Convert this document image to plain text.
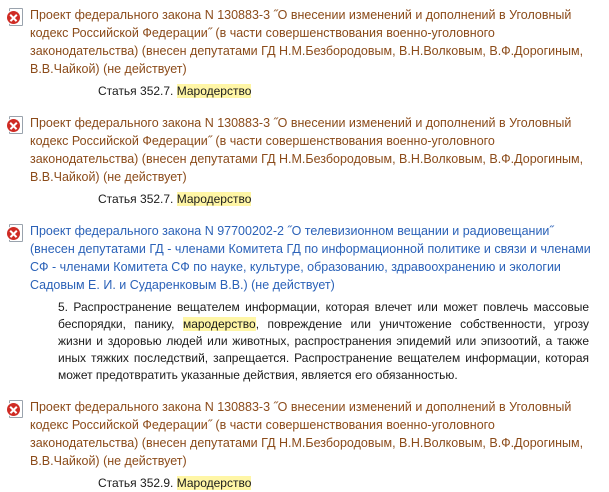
Проект федерального закона N 130883-3 ˝О внесении изменений и дополнений в Уголовный кодекс Российской Федерации˝ (в части совершенствования военно-уголовного законодательства) (внесен депутатами ГД Н.М.Безбородовым, В.Н.Волковым, В.Ф.Дорогиным, В.В.Чайкой) (не действует)
Статья 352.7. Мародерство
Проект федерального закона N 130883-3 ˝О внесении изменений и дополнений в Уголовный кодекс Российской Федерации˝ (в части совершенствования военно-уголовного законодательства) (внесен депутатами ГД Н.М.Безбородовым, В.Н.Волковым, В.Ф.Дорогиным, В.В.Чайкой) (не действует)
Статья 352.7. Мародерство
Проект федерального закона N 97700202-2 ˝О телевизионном вещании и радиовещании˝ (внесен депутатами ГД - членами Комитета ГД по информационной политике и связи и членами СФ - членами Комитета СФ по науке, культуре, образованию, здравоохранению и экологии Садовым Е. И. и Сударенковым В.В.) (не действует)
5. Распространение вещателем информации, которая влечет или может повлечь массовые беспорядки, панику, мародерство, повреждение или уничтожение собственности, угрозу жизни и здоровью людей или животных, распространения эпидемий или эпизоотий, а также иных тяжких последствий, запрещается. Распространение вещателем информации, которая может предотвратить указанные действия, является его обязанностью.
Проект федерального закона N 130883-3 ˝О внесении изменений и дополнений в Уголовный кодекс Российской Федерации˝ (в части совершенствования военно-уголовного законодательства) (внесен депутатами ГД Н.М.Безбородовым, В.Н.Волковым, В.Ф.Дорогиным, В.В.Чайкой) (не действует)
Статья 352.9. Мародерство
